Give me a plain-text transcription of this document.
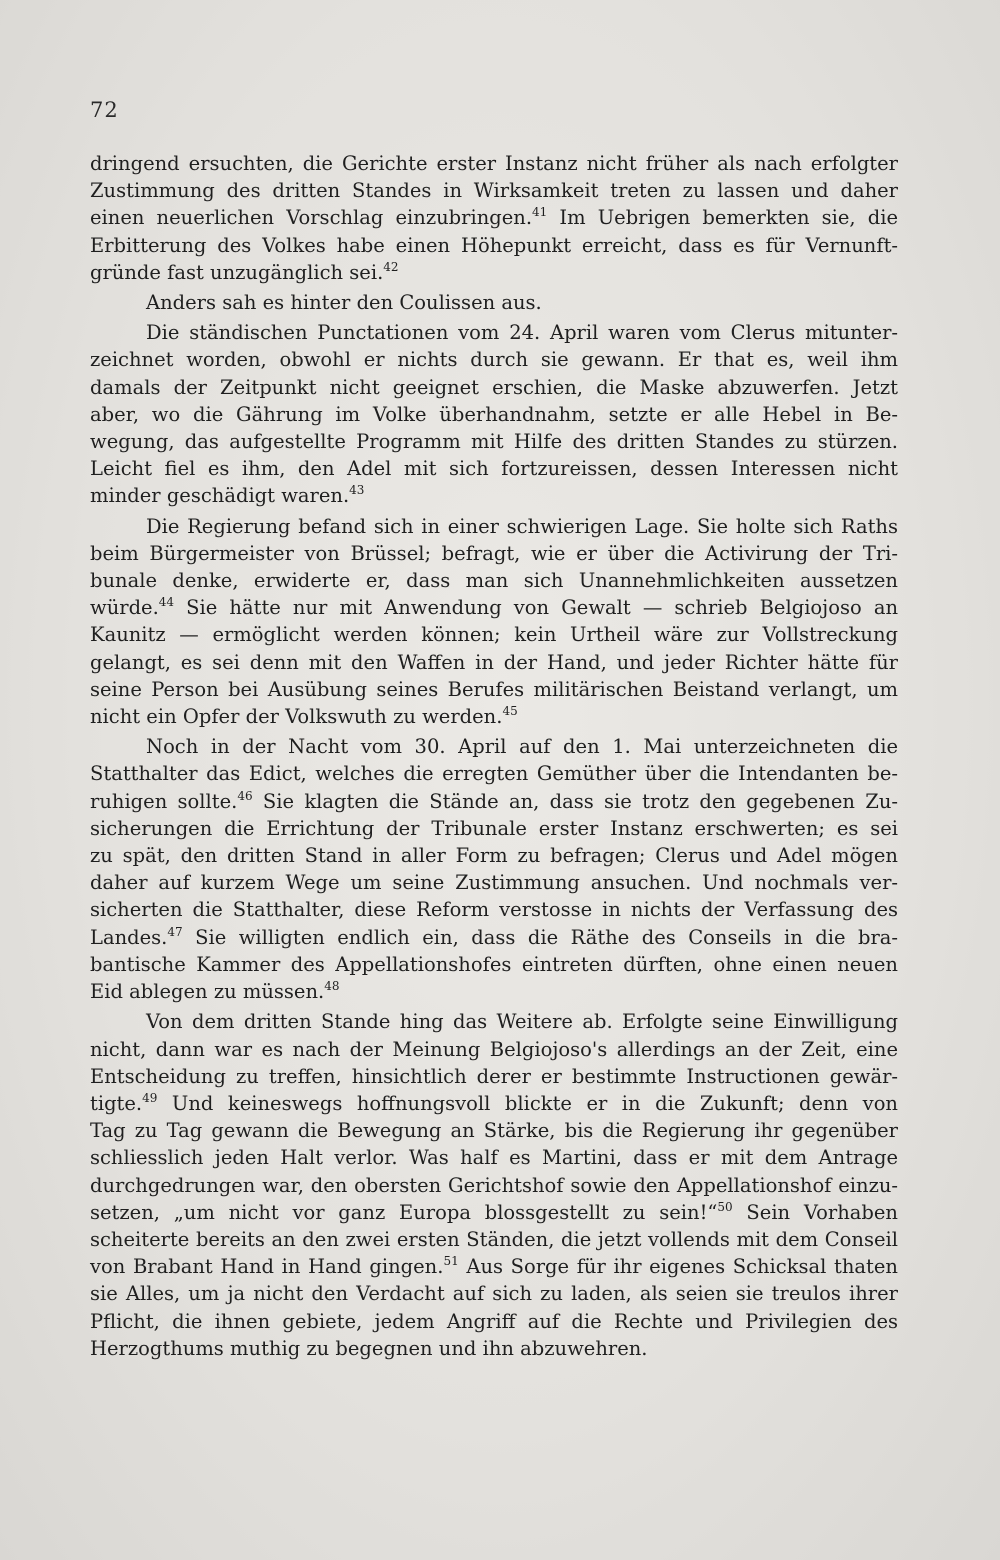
72

dringend ersuchten, die Gerichte erster Instanz nicht früher als nach erfolgter
Zustimmung des dritten Standes in Wirksamkeit treten zu lassen und daher
einen neuerlichen Vorschlag einzubringen.$^{41}$ Im Uebrigen bemerkten sie, die
Erbitterung des Volkes habe einen Höhepunkt erreicht, dass es für Vernunft-
gründe fast unzugänglich sei.$^{42}$

Anders sah es hinter den Coulissen aus.

Die ständischen Punctationen vom 24. April waren vom Clerus mitunter-
zeichnet worden, obwohl er nichts durch sie gewann. Er that es, weil ihm
damals der Zeitpunkt nicht geeignet erschien, die Maske abzuwerfen. Jetzt
aber, wo die Gährung im Volke überhandnahm, setzte er alle Hebel in Be-
wegung, das aufgestellte Programm mit Hilfe des dritten Standes zu stürzen.
Leicht fiel es ihm, den Adel mit sich fortzureissen, dessen Interessen nicht
minder geschädigt waren.$^{43}$

Die Regierung befand sich in einer schwierigen Lage. Sie holte sich Raths
beim Bürgermeister von Brüssel; befragt, wie er über die Activirung der Tri-
bunale denke, erwiderte er, dass man sich Unannehmlichkeiten aussetzen
würde.$^{44}$ Sie hätte nur mit Anwendung von Gewalt — schrieb Belgiojoso an
Kaunitz — ermöglicht werden können; kein Urtheil wäre zur Vollstreckung
gelangt, es sei denn mit den Waffen in der Hand, und jeder Richter hätte für
seine Person bei Ausübung seines Berufes militärischen Beistand verlangt, um
nicht ein Opfer der Volkswuth zu werden.$^{45}$

Noch in der Nacht vom 30. April auf den 1. Mai unterzeichneten die
Statthalter das Edict, welches die erregten Gemüther über die Intendanten be-
ruhigen sollte.$^{46}$ Sie klagten die Stände an, dass sie trotz den gegebenen Zu-
sicherungen die Errichtung der Tribunale erster Instanz erschwerten; es sei
zu spät, den dritten Stand in aller Form zu befragen; Clerus und Adel mögen
daher auf kurzem Wege um seine Zustimmung ansuchen. Und nochmals ver-
sicherten die Statthalter, diese Reform verstosse in nichts der Verfassung des
Landes.$^{47}$ Sie willigten endlich ein, dass die Räthe des Conseils in die bra-
bantische Kammer des Appellationshofes eintreten dürften, ohne einen neuen
Eid ablegen zu müssen.$^{48}$

Von dem dritten Stande hing das Weitere ab. Erfolgte seine Einwilligung
nicht, dann war es nach der Meinung Belgiojoso's allerdings an der Zeit, eine
Entscheidung zu treffen, hinsichtlich derer er bestimmte Instructionen gewär-
tigte.$^{49}$ Und keineswegs hoffnungsvoll blickte er in die Zukunft; denn von
Tag zu Tag gewann die Bewegung an Stärke, bis die Regierung ihr gegenüber
schliesslich jeden Halt verlor. Was half es Martini, dass er mit dem Antrage
durchgedrungen war, den obersten Gerichtshof sowie den Appellationshof einzu-
setzen, „um nicht vor ganz Europa blossgestellt zu sein!“$^{50}$ Sein Vorhaben
scheiterte bereits an den zwei ersten Ständen, die jetzt vollends mit dem Conseil
von Brabant Hand in Hand gingen.$^{51}$ Aus Sorge für ihr eigenes Schicksal thaten
sie Alles, um ja nicht den Verdacht auf sich zu laden, als seien sie treulos ihrer
Pflicht, die ihnen gebiete, jedem Angriff auf die Rechte und Privilegien des
Herzogthums muthig zu begegnen und ihn abzuwehren.
